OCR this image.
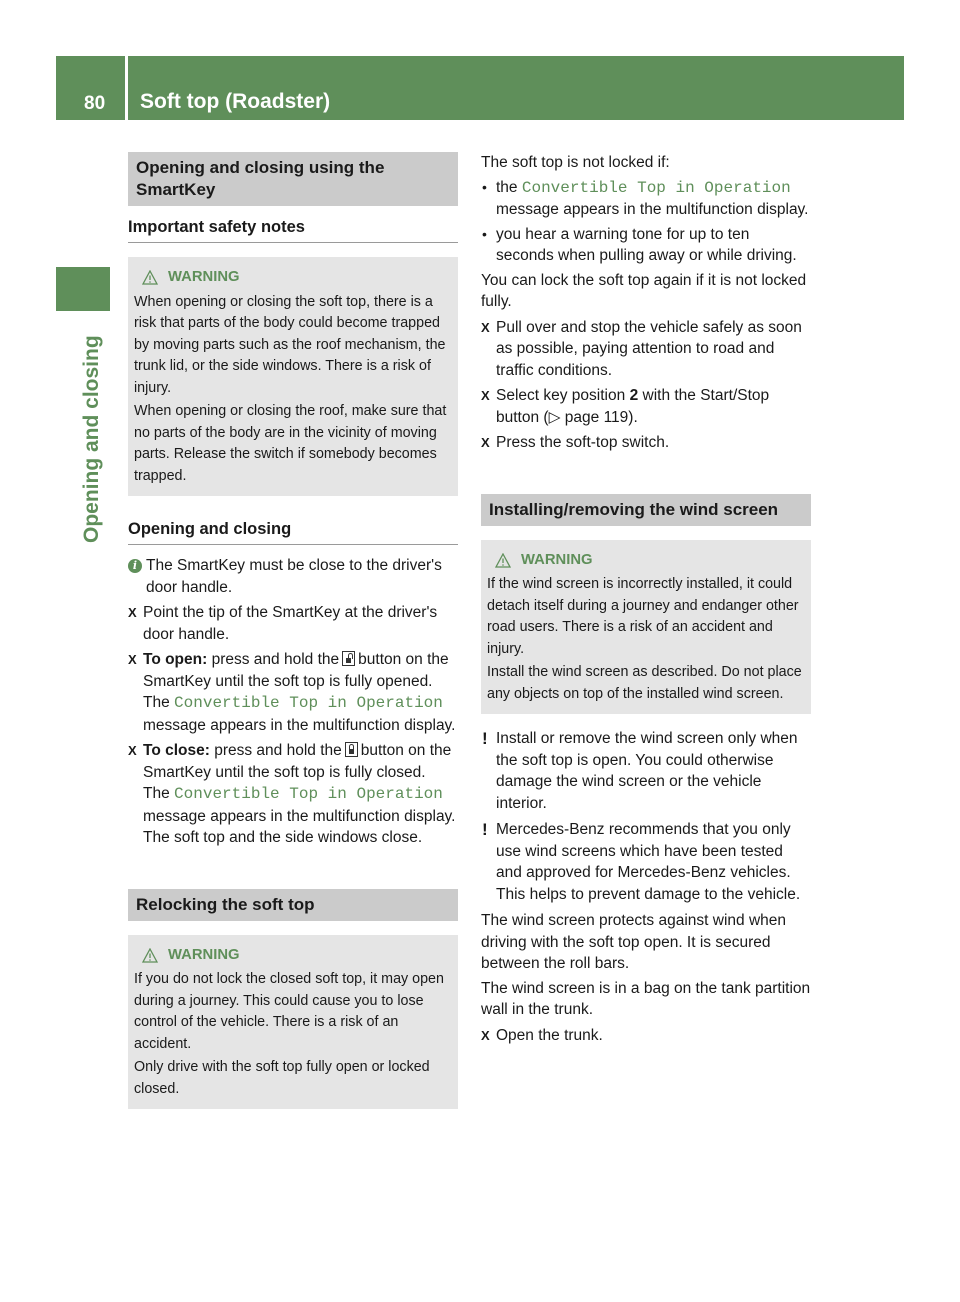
80 Soft top (Roadster)
Opening and closing
Opening and closing using the SmartKey
Important safety notes
WARNING

When opening or closing the soft top, there is a risk that parts of the body could become trapped by moving parts such as the roof mechanism, the trunk lid, or the side windows. There is a risk of injury.

When opening or closing the roof, make sure that no parts of the body are in the vicinity of moving parts. Release the switch if somebody becomes trapped.

Opening and closing
i The SmartKey must be close to the driver's door handle.
X Point the tip of the SmartKey at the driver's door handle.
X To open: press and hold the button on the SmartKey until the soft top is fully opened.
The Convertible Top in Operation
message appears in the multifunction display.
X To close: press and hold the button on the SmartKey until the soft top is fully closed.
The Convertible Top in Operation
message appears in the multifunction display. The soft top and the side windows close.
Relocking the soft top
WARNING

If you do not lock the closed soft top, it may open during a journey. This could cause you to lose control of the vehicle. There is a risk of an accident.

Only drive with the soft top fully open or locked closed.

The soft top is not locked if:
• the Convertible Top in Operation
message appears in the multifunction display.
• you hear a warning tone for up to ten seconds when pulling away or while driving.
You can lock the soft top again if it is not locked fully.
X Pull over and stop the vehicle safely as soon as possible, paying attention to road and traffic conditions.
X Select key position 2 with the Start/Stop button (▷ page 119).
X Press the soft-top switch.
Installing/removing the wind screen
WARNING

If the wind screen is incorrectly installed, it could detach itself during a journey and endanger other road users. There is a risk of an accident and injury.

Install the wind screen as described. Do not place any objects on top of the installed wind screen.

! Install or remove the wind screen only when the soft top is open. You could otherwise damage the wind screen or the vehicle interior.
! Mercedes-Benz recommends that you only use wind screens which have been tested and approved for Mercedes-Benz vehicles. This helps to prevent damage to the vehicle.
The wind screen protects against wind when driving with the soft top open. It is secured between the roll bars.
The wind screen is in a bag on the tank partition wall in the trunk.
X Open the trunk.
